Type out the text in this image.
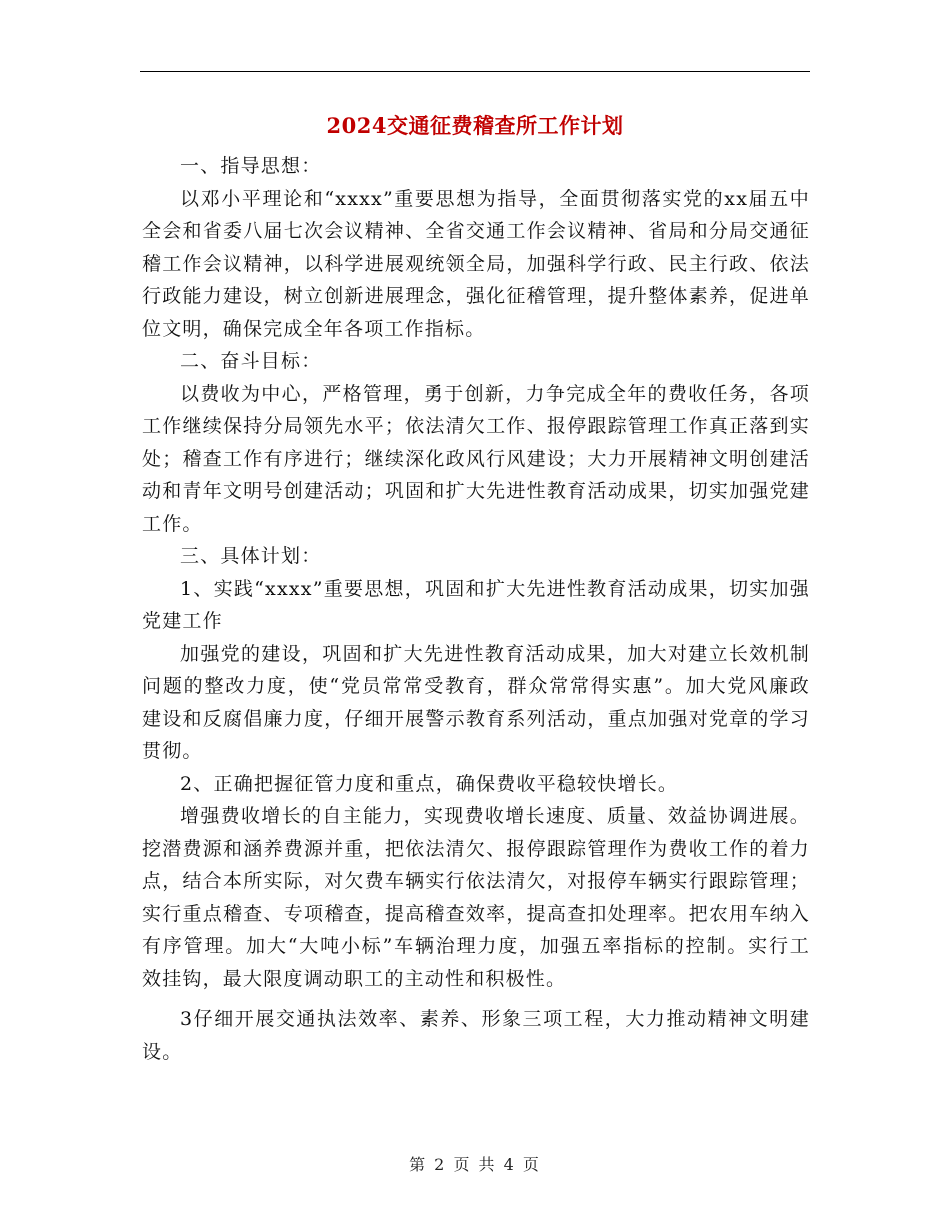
2024交通征费稽查所工作计划

一、指导思想：

以邓小平理论和“xxxx”重要思想为指导，全面贯彻落实党的xx届五中全会和省委八届七次会议精神、全省交通工作会议精神、省局和分局交通征稽工作会议精神，以科学进展观统领全局，加强科学行政、民主行政、依法行政能力建设，树立创新进展理念，强化征稽管理，提升整体素养，促进单位文明，确保完成全年各项工作指标。

二、奋斗目标：

以费收为中心，严格管理，勇于创新，力争完成全年的费收任务，各项工作继续保持分局领先水平；依法清欠工作、报停跟踪管理工作真正落到实处；稽查工作有序进行；继续深化政风行风建设；大力开展精神文明创建活动和青年文明号创建活动；巩固和扩大先进性教育活动成果，切实加强党建工作。

三、具体计划：

1、实践“xxxx”重要思想，巩固和扩大先进性教育活动成果，切实加强党建工作

加强党的建设，巩固和扩大先进性教育活动成果，加大对建立长效机制问题的整改力度，使“党员常常受教育，群众常常得实惠”。加大党风廉政建设和反腐倡廉力度，仔细开展警示教育系列活动，重点加强对党章的学习贯彻。

2、正确把握征管力度和重点，确保费收平稳较快增长。

增强费收增长的自主能力，实现费收增长速度、质量、效益协调进展。挖潜费源和涵养费源并重，把依法清欠、报停跟踪管理作为费收工作的着力点，结合本所实际，对欠费车辆实行依法清欠，对报停车辆实行跟踪管理；实行重点稽查、专项稽查，提高稽查效率，提高查扣处理率。把农用车纳入有序管理。加大“大吨小标”车辆治理力度，加强五率指标的控制。实行工效挂钩，最大限度调动职工的主动性和积极性。

3仔细开展交通执法效率、素养、形象三项工程，大力推动精神文明建设。

第 2 页 共 4 页
